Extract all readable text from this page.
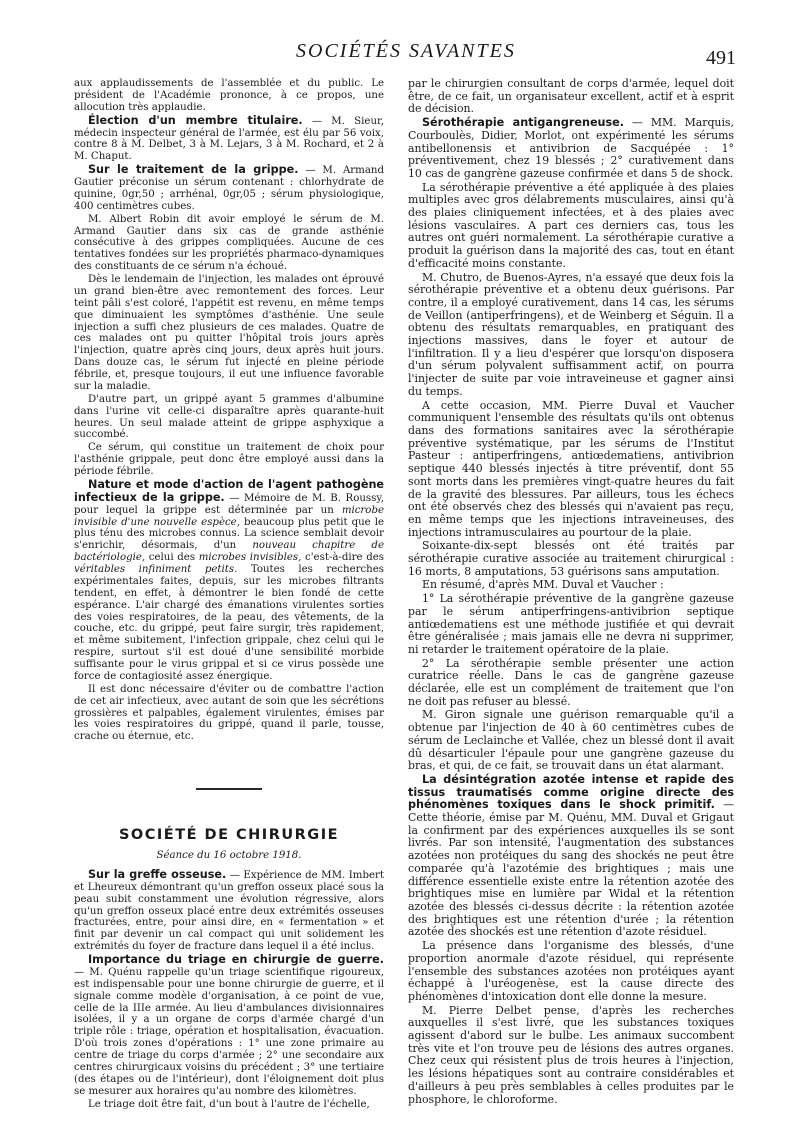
SOCIÉTÉS SAVANTES	491

aux applaudissements de l'assemblée et du public. Le président de l'Académie prononce, à ce propos, une allocution très applaudie.

Élection d'un membre titulaire. — M. Sieur, médecin inspecteur général de l'armée, est élu par 56 voix, contre 8 à M. Delbet, 3 à M. Lejars, 3 à M. Rochard, et 2 à M. Chaput.

Sur le traitement de la grippe. — M. Armand Gautier préconise un sérum contenant : chlorhydrate de quinine, 0gr,50 ; arrhénal, 0gr,05 ; sérum physiologique, 400 centimètres cubes.

M. Albert Robin dit avoir employé le sérum de M. Armand Gautier dans six cas de grande asthénie consécutive à des grippes compliquées. Aucune de ces tentatives fondées sur les propriétés pharmaco-dynamiques des constituants de ce sérum n'a échoué.

Dès le lendemain de l'injection, les malades ont éprouvé un grand bien-être avec remontement des forces. Leur teint pâli s'est coloré, l'appétit est revenu, en même temps que diminuaient les symptômes d'asthénie. Une seule injection a suffi chez plusieurs de ces malades. Quatre de ces malades ont pu quitter l'hôpital trois jours après l'injection, quatre après cinq jours, deux après huit jours. Dans douze cas, le sérum fut injecté en pleine période fébrile, et, presque toujours, il eut une influence favorable sur la maladie.

D'autre part, un grippé ayant 5 grammes d'albumine dans l'urine vit celle-ci disparaître après quarante-huit heures. Un seul malade atteint de grippe asphyxique a succombé.

Ce sérum, qui constitue un traitement de choix pour l'asthénie grippale, peut donc être employé aussi dans la période fébrile.

Nature et mode d'action de l'agent pathogène infectieux de la grippe. — Mémoire de M. B. Roussy, pour lequel la grippe est déterminée par un microbe invisible d'une nouvelle espèce, beaucoup plus petit que le plus ténu des microbes connus. La science semblait devoir s'enrichir, désormais, d'un nouveau chapitre de bactériologie, celui des microbes invisibles, c'est-à-dire des véritables infiniment petits. Toutes les recherches expérimentales faites, depuis, sur les microbes filtrants tendent, en effet, à démontrer le bien fondé de cette espérance. L'air chargé des émanations virulentes sorties des voies respiratoires, de la peau, des vêtements, de la couche, etc. du grippé, peut faire surgir, très rapidement, et même subitement, l'infection grippale, chez celui qui le respire, surtout s'il est doué d'une sensibilité morbide suffisante pour le virus grippal et si ce virus possède une force de contagiosité assez énergique.

Il est donc nécessaire d'éviter ou de combattre l'action de cet air infectieux, avec autant de soin que les sécrétions grossières et palpables, également virulentes, émises par les voies respiratoires du grippé, quand il parle, tousse, crache ou éternue, etc.

SOCIÉTÉ DE CHIRURGIE
Séance du 16 octobre 1918.

Sur la greffe osseuse. — Expérience de MM. Imbert et Lheureux démontrant qu'un greffon osseux placé sous la peau subit constamment une évolution régressive, alors qu'un greffon osseux placé entre deux extrémités osseuses fracturées, entre, pour ainsi dire, en « fermentation » et finit par devenir un cal compact qui unit solidement les extrémités du foyer de fracture dans lequel il a été inclus.

Importance du triage en chirurgie de guerre. — M. Quénu rappelle qu'un triage scientifique rigoureux, est indispensable pour une bonne chirurgie de guerre, et il signale comme modèle d'organisation, à ce point de vue, celle de la IIIe armée. Au lieu d'ambulances divisionnaires isolées, il y a un organe de corps d'armée chargé d'un triple rôle : triage, opération et hospitalisation, évacuation. D'où trois zones d'opérations : 1° une zone primaire au centre de triage du corps d'armée ; 2° une secondaire aux centres chirurgicaux voisins du précédent ; 3° une tertiaire (des étapes ou de l'intérieur), dont l'éloignement doit plus se mesurer aux horaires qu'au nombre des kilomètres.

Le triage doit être fait, d'un bout à l'autre de l'échelle,

par le chirurgien consultant de corps d'armée, lequel doit être, de ce fait, un organisateur excellent, actif et à esprit de décision.

Sérothérapie antigangreneuse. — MM. Marquis, Courboulès, Didier, Morlot, ont expérimenté les sérums antibellonensis et antivibrion de Sacquépée : 1° préventivement, chez 19 blessés ; 2° curativement dans 10 cas de gangrène gazeuse confirmée et dans 5 de shock.

La sérothérapie préventive a été appliquée à des plaies multiples avec gros délabrements musculaires, ainsi qu'à des plaies cliniquement infectées, et à des plaies avec lésions vasculaires. A part ces derniers cas, tous les autres ont guéri normalement. La sérothérapie curative a produit la guérison dans la majorité des cas, tout en étant d'efficacité moins constante.

M. Chutro, de Buenos-Ayres, n'a essayé que deux fois la sérothérapie préventive et a obtenu deux guérisons. Par contre, il a employé curativement, dans 14 cas, les sérums de Veillon (antiperfringens), et de Weinberg et Séguin. Il a obtenu des résultats remarquables, en pratiquant des injections massives, dans le foyer et autour de l'infiltration. Il y a lieu d'espérer que lorsqu'on disposera d'un sérum polyvalent suffisamment actif, on pourra l'injecter de suite par voie intraveineuse et gagner ainsi du temps.

A cette occasion, MM. Pierre Duval et Vaucher communiquent l'ensemble des résultats qu'ils ont obtenus dans des formations sanitaires avec la sérothérapie préventive systématique, par les sérums de l'Institut Pasteur : antiperfringens, antiœdematiens, antivibrion septique 440 blessés injectés à titre préventif, dont 55 sont morts dans les premières vingt-quatre heures du fait de la gravité des blessures. Par ailleurs, tous les échecs ont été observés chez des blessés qui n'avaient pas reçu, en même temps que les injections intraveineuses, des injections intramusculaires au pourtour de la plaie.

Soixante-dix-sept blessés ont été traités par sérothérapie curative associée au traitement chirurgical : 16 morts, 8 amputations, 53 guérisons sans amputation.

En résumé, d'après MM. Duval et Vaucher :

1° La sérothérapie préventive de la gangrène gazeuse par le sérum antiperfringens-antivibrion septique antiœdematiens est une méthode justifiée et qui devrait être généralisée ; mais jamais elle ne devra ni supprimer, ni retarder le traitement opératoire de la plaie.

2° La sérothérapie semble présenter une action curatrice réelle. Dans le cas de gangrène gazeuse déclarée, elle est un complément de traitement que l'on ne doit pas refuser au blessé.

M. Giron signale une guérison remarquable qu'il a obtenue par l'injection de 40 à 60 centimètres cubes de sérum de Leclainche et Vallée, chez un blessé dont il avait dû désarticuler l'épaule pour une gangrène gazeuse du bras, et qui, de ce fait, se trouvait dans un état alarmant.

La désintégration azotée intense et rapide des tissus traumatisés comme origine directe des phénomènes toxiques dans le shock primitif. — Cette théorie, émise par M. Quénu, MM. Duval et Grigaut la confirment par des expériences auxquelles ils se sont livrés. Par son intensité, l'augmentation des substances azotées non protéiques du sang des shockés ne peut être comparée qu'à l'azotémie des brightiques ; mais une différence essentielle existe entre la rétention azotée des brightiques mise en lumière par Widal et la rétention azotée des blessés ci-dessus décrite : la rétention azotée des brightiques est une rétention d'urée ; la rétention azotée des shockés est une rétention d'azote résiduel.

La présence dans l'organisme des blessés, d'une proportion anormale d'azote résiduel, qui représente l'ensemble des substances azotées non protéiques ayant échappé à l'uréogenèse, est la cause directe des phénomènes d'intoxication dont elle donne la mesure.

M. Pierre Delbet pense, d'après les recherches auxquelles il s'est livré, que les substances toxiques agissent d'abord sur le bulbe. Les animaux succombent très vite et l'on trouve peu de lésions des autres organes. Chez ceux qui résistent plus de trois heures à l'injection, les lésions hépatiques sont au contraire considérables et d'ailleurs à peu près semblables à celles produites par le phosphore, le chloroforme.
